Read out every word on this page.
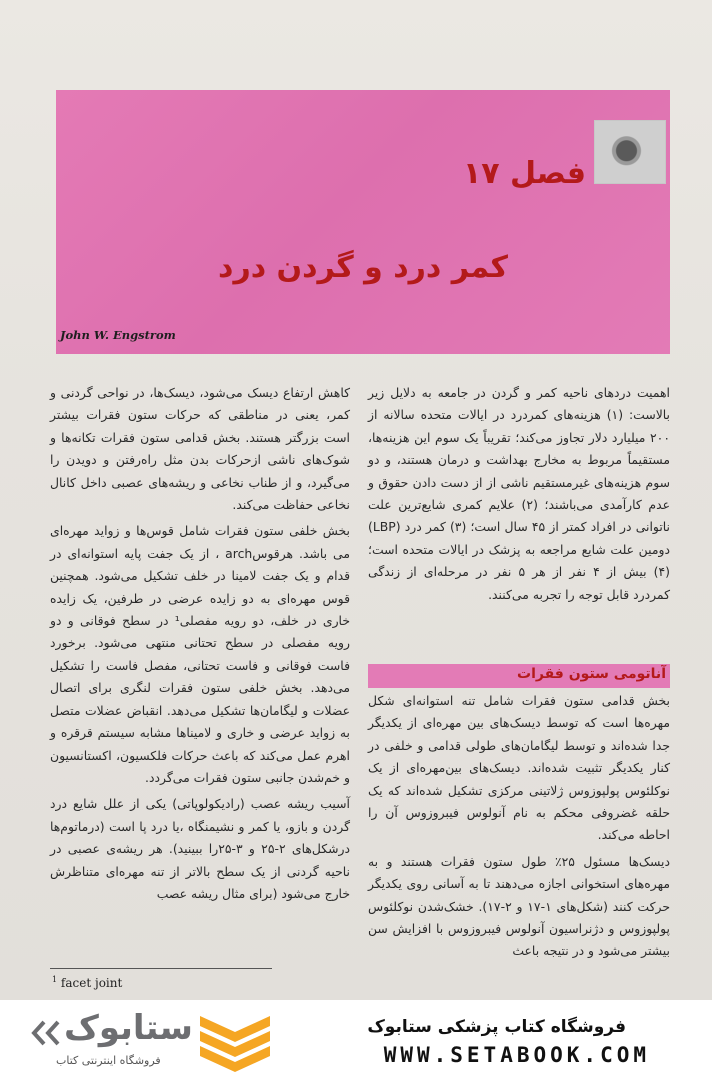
فصل ۱۷
کمر درد و گردن درد
John W. Engstrom

اهمیت دردهای ناحیه کمر و گردن در جامعه به دلایل زیر بالاست: (۱) هزینه‌های کمردرد در ایالات متحده سالانه از ۲۰۰ میلیارد دلار تجاوز می‌کند؛ تقریباً یک سوم این هزینه‌ها، مستقیماً مربوط به مخارج بهداشت و درمان هستند، و دو سوم هزینه‌های غیرمستقیم ناشی از از دست دادن حقوق و عدم کارآمدی می‌باشند؛ (۲) علایم کمری شایع‌ترین علت ناتوانی در افراد کمتر از ۴۵ سال است؛ (۳) کمر درد (LBP) دومین علت شایع مراجعه به پزشک در ایالات متحده است؛ (۴) بیش از ۴ نفر از هر ۵ نفر در مرحله‌ای از زندگی کمردرد قابل توجه را تجربه می‌کنند.

آناتومی ستون فقرات

بخش قدامی ستون فقرات شامل تنه استوانه‌ای شکل مهره‌ها است که توسط دیسک‌های بین مهره‌ای از یکدیگر جدا شده‌اند و توسط لیگامان‌های طولی قدامی و خلفی در کنار یکدیگر تثبیت شده‌اند. دیسک‌های بین‌مهره‌ای از یک نوکلئوس پولپوزوس ژلاتینی مرکزی تشکیل شده‌اند که یک حلقه غضروفی محکم به نام آنولوس فیبروزوس آن را احاطه می‌کند.

دیسک‌ها مسئول ۲۵٪ طول ستون فقرات هستند و به مهره‌های استخوانی اجازه می‌دهند تا به آسانی روی یکدیگر حرکت کنند (شکل‌های ۱-۱۷ و ۲-۱۷). خشک‌شدن نوکلئوس پولپوزوس و دژنراسیون آنولوس فیبروزوس با افزایش سن بیشتر می‌شود و در نتیجه باعث

کاهش ارتفاع دیسک می‌شود، دیسک‌ها، در نواحی گردنی و کمر، یعنی در مناطقی که حرکات ستون فقرات بیشتر است بزرگتر هستند. بخش قدامی ستون فقرات تکانه‌ها و شوک‌های ناشی ازحرکات بدن مثل راه‌رفتن و دویدن را می‌گیرد، و از طناب نخاعی و ریشه‌های عصبی داخل کانال نخاعی حفاظت می‌کند.

بخش خلفی ستون فقرات شامل قوس‌ها و زواید مهره‌ای می باشد. هرقوسarch ، از یک جفت پایه استوانه‌ای در قدام و یک جفت لامینا در خلف تشکیل می‌شود. همچنین قوس مهره‌ای به دو زایده عرضی در طرفین، یک زایده خاری در خلف، دو رویه مفصلی¹ در سطح فوقانی و دو رویه مفصلی در سطح تحتانی منتهی می‌شود. برخورد فاست فوقانی و فاست تحتانی، مفصل فاست را تشکیل می‌دهد. بخش خلفی ستون فقرات لنگری برای اتصال عضلات و لیگامان‌ها تشکیل می‌دهد. انقباض عضلات متصل به زواید عرضی و خاری و لامینا‌ها مشابه سیستم قرقره و اهرم عمل می‌کند که باعث حرکات فلکسیون، اکستانسیون و خم‌شدن جانبی ستون فقرات می‌گردد.

آسیب ریشه عصب (رادیکولوپاتی) یکی از علل شایع درد گردن و بازو، یا کمر و نشیمنگاه ،یا درد پا است (درماتوم‌ها درشکل‌های ۲-۲۵ و ۳-۲۵را ببینید). هر ریشه‌ی عصبی در ناحیه گردنی از یک سطح بالاتر از تنه مهره‌ای متناظرش خارج می‌شود (برای مثال ریشه عصب

$^1$ facet joint
ستابوک
فروشگاه اینترنتی کتاب
فروشگاه کتاب پزشکی ستابوک
WWW.SETABOOK.COM
